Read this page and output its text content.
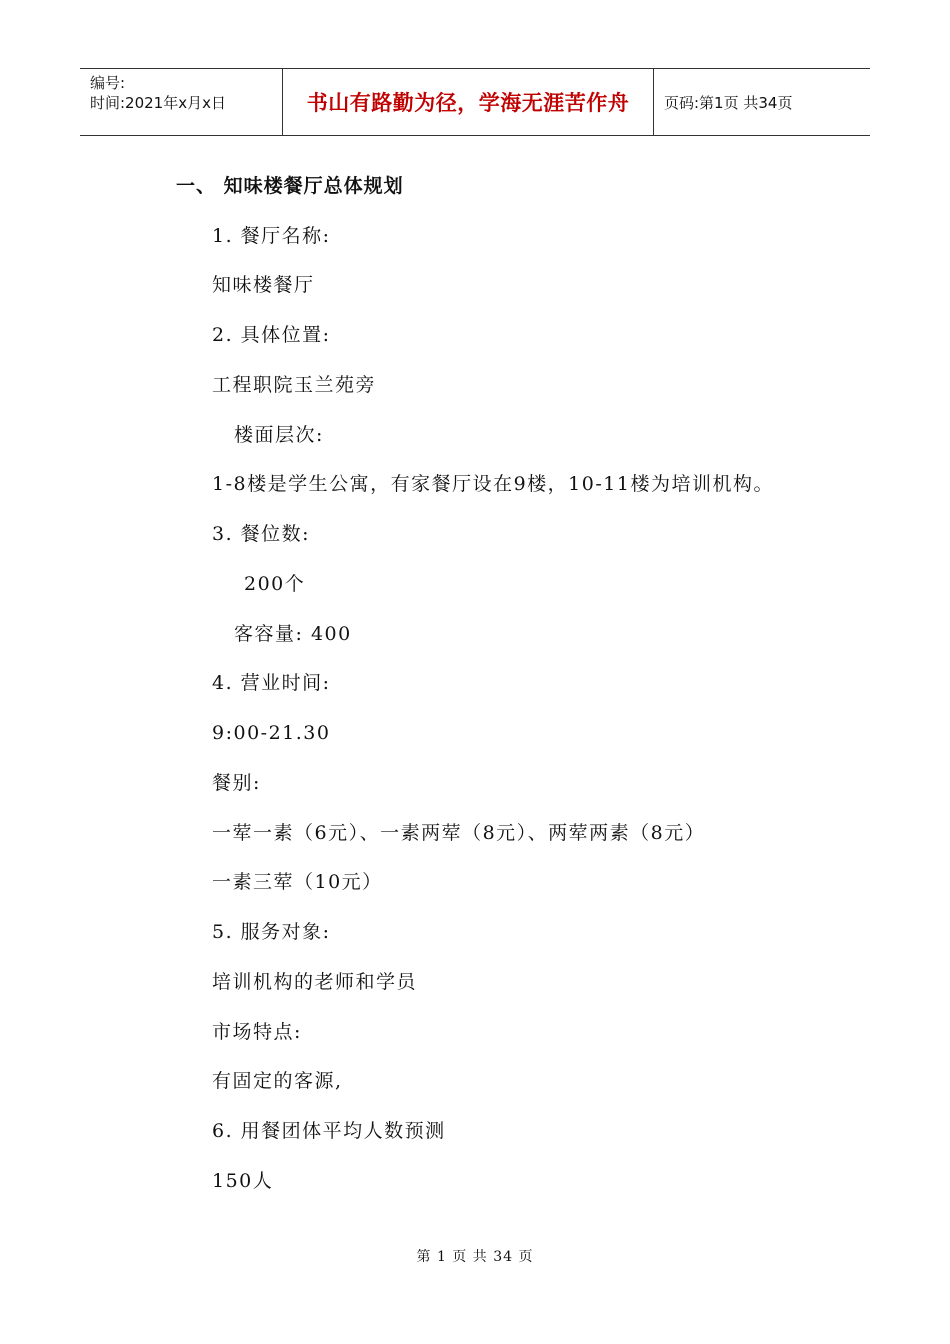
编号:
时间:2021年x月x日	书山有路勤为径，学海无涯苦作舟 页码:第1页 共34页
一、 知味楼餐厅总体规划
1. 餐厅名称:
知味楼餐厅
2. 具体位置:
工程职院玉兰苑旁
楼面层次:
1-8楼是学生公寓，有家餐厅设在9楼，10-11楼为培训机构。
3. 餐位数:
200个
客容量: 400
4. 营业时间:
9:00-21.30
餐别:
一荤一素（6元）、一素两荤（8元）、两荤两素（8元）
一素三荤（10元）
5. 服务对象:
培训机构的老师和学员
市场特点:
有固定的客源,
6. 用餐团体平均人数预测
150人
第 1 页 共 34 页
